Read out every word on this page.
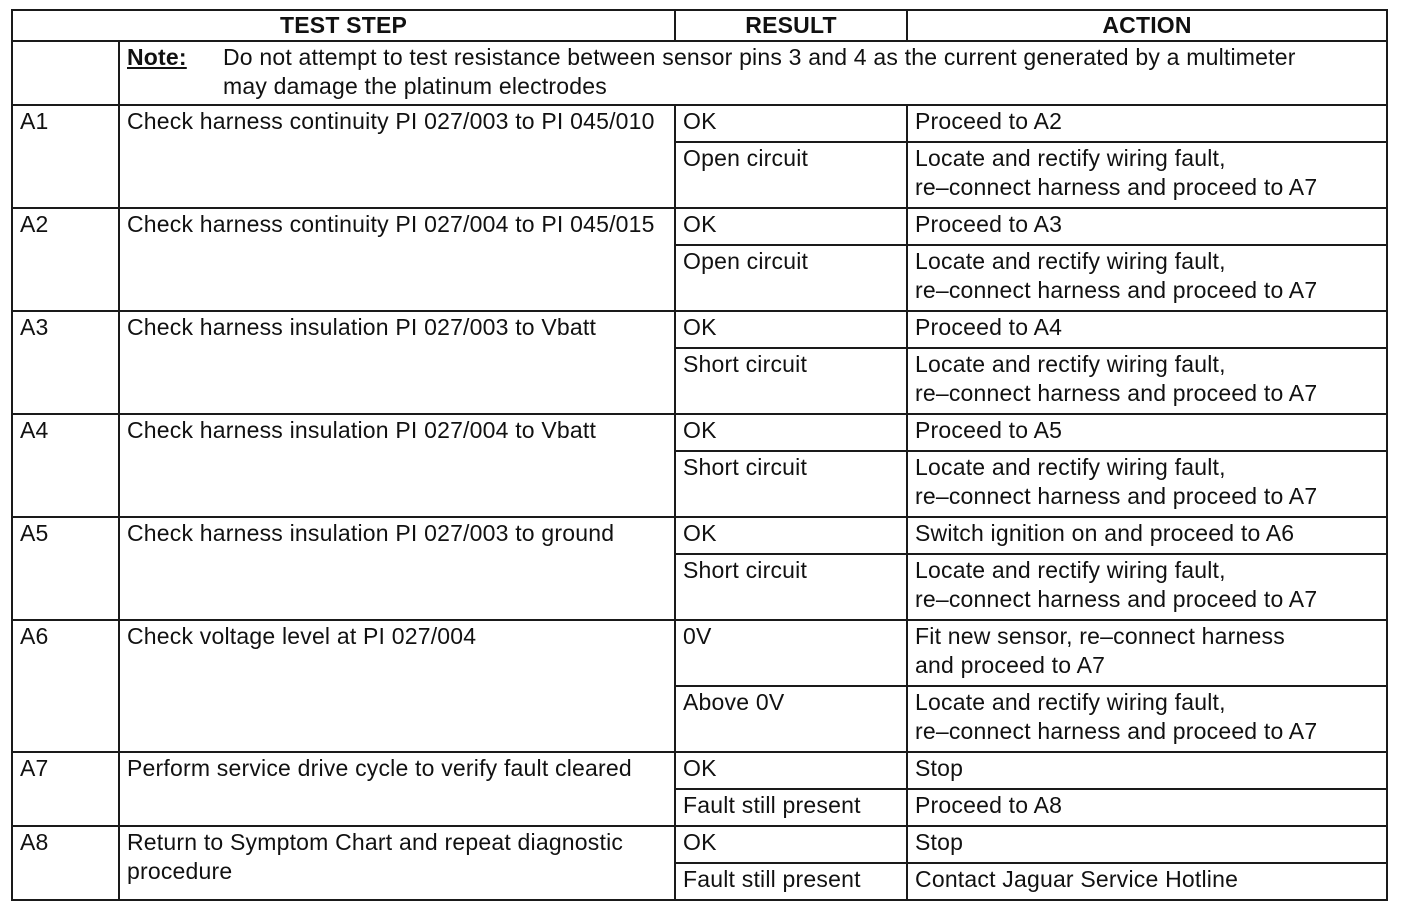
TEST STEP		RESULT	ACTION
	Note: Do not attempt to test resistance between sensor pins 3 and 4 as the current generated by a multimeter may damage the platinum electrodes		
A1	Check harness continuity PI 027/003 to PI 045/010	OK	Proceed to A2

		Open circuit	Locate and rectify wiring fault,
re–connect harness and proceed to A7

A2	Check harness continuity PI 027/004 to PI 045/015	OK	Proceed to A3

		Open circuit	Locate and rectify wiring fault,
re–connect harness and proceed to A7

A3	Check harness insulation PI 027/003 to Vbatt	OK	Proceed to A4

		Short circuit	Locate and rectify wiring fault,
re–connect harness and proceed to A7

A4	Check harness insulation PI 027/004 to Vbatt	OK	Proceed to A5

		Short circuit	Locate and rectify wiring fault,
re–connect harness and proceed to A7

A5	Check harness insulation PI 027/003 to ground	OK	Switch ignition on and proceed to A6

		Short circuit	Locate and rectify wiring fault,
re–connect harness and proceed to A7

A6	Check voltage level at PI 027/004	0V	Fit new sensor, re–connect harness
and proceed to A7

		Above 0V	Locate and rectify wiring fault,
re–connect harness and proceed to A7

A7	Perform service drive cycle to verify fault cleared	OK	Stop

		Fault still present	Proceed to A8

A8	Return to Symptom Chart and repeat diagnostic procedure	OK	Stop

		Fault still present	Contact Jaguar Service Hotline
